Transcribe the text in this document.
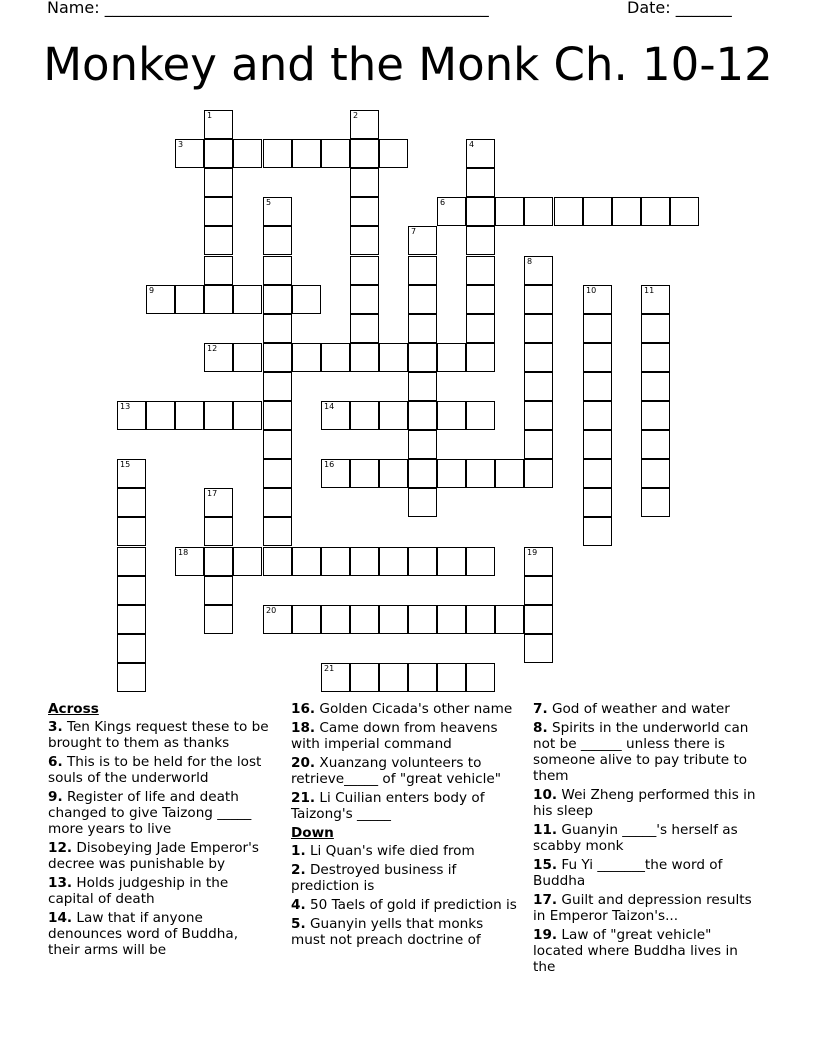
Name: ________________________________________________	Date: _______
Monkey and the Monk Ch. 10-12
1	2
3	4
5	6
7
8
9	10	11
12
13	14
15	16
17
18	19
20
21
Across
3. Ten Kings request these to be brought to them as thanks
6. This is to be held for the lost souls of the underworld
9. Register of life and death changed to give Taizong _____ more years to live
12. Disobeying Jade Emperor's decree was punishable by
13. Holds judgeship in the capital of death
14. Law that if anyone denounces word of Buddha, their arms will be
16. Golden Cicada's other name
18. Came down from heavens with imperial command
20. Xuanzang volunteers to retrieve_____ of "great vehicle"
21. Li Cuilian enters body of Taizong's _____
Down
1. Li Quan's wife died from
2. Destroyed business if prediction is
4. 50 Taels of gold if prediction is
5. Guanyin yells that monks must not preach doctrine of
7. God of weather and water
8. Spirits in the underworld can not be ______ unless there is someone alive to pay tribute to them
10. Wei Zheng performed this in his sleep
11. Guanyin _____'s herself as scabby monk
15. Fu Yi _______the word of Buddha
17. Guilt and depression results in Emperor Taizon's...
19. Law of "great vehicle" located where Buddha lives in the
